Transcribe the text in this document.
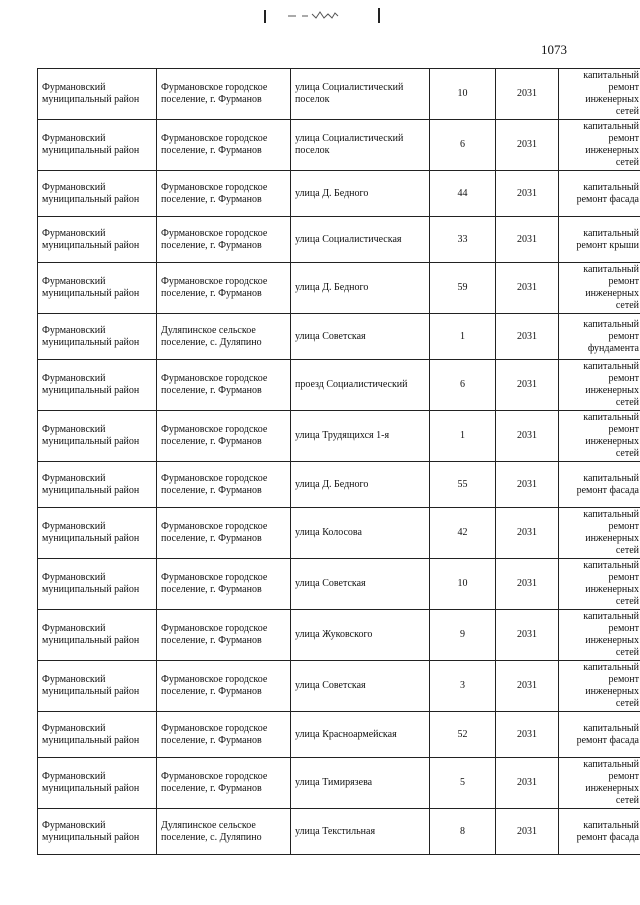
1073
Фурмановский муниципальный район	Фурмановское городское поселение, г. Фурманов	улица Социалистический поселок	10	2031	капитальный ремонт инженерных сетей
Фурмановский муниципальный район	Фурмановское городское поселение, г. Фурманов	улица Социалистический поселок	6	2031	капитальный ремонт инженерных сетей
Фурмановский муниципальный район	Фурмановское городское поселение, г. Фурманов	улица Д. Бедного	44	2031	капитальный ремонт фасада
Фурмановский муниципальный район	Фурмановское городское поселение, г. Фурманов	улица Социалистическая	33	2031	капитальный ремонт крыши
Фурмановский муниципальный район	Фурмановское городское поселение, г. Фурманов	улица Д. Бедного	59	2031	капитальный ремонт инженерных сетей
Фурмановский муниципальный район	Дуляпинское сельское поселение, с. Дуляпино	улица Советская	1	2031	капитальный ремонт фундамента
Фурмановский муниципальный район	Фурмановское городское поселение, г. Фурманов	проезд Социалистический	6	2031	капитальный ремонт инженерных сетей
Фурмановский муниципальный район	Фурмановское городское поселение, г. Фурманов	улица Трудящихся 1-я	1	2031	капитальный ремонт инженерных сетей
Фурмановский муниципальный район	Фурмановское городское поселение, г. Фурманов	улица Д. Бедного	55	2031	капитальный ремонт фасада
Фурмановский муниципальный район	Фурмановское городское поселение, г. Фурманов	улица Колосова	42	2031	капитальный ремонт инженерных сетей
Фурмановский муниципальный район	Фурмановское городское поселение, г. Фурманов	улица Советская	10	2031	капитальный ремонт инженерных сетей
Фурмановский муниципальный район	Фурмановское городское поселение, г. Фурманов	улица Жуковского	9	2031	капитальный ремонт инженерных сетей
Фурмановский муниципальный район	Фурмановское городское поселение, г. Фурманов	улица Советская	3	2031	капитальный ремонт инженерных сетей
Фурмановский муниципальный район	Фурмановское городское поселение, г. Фурманов	улица Красноармейская	52	2031	капитальный ремонт фасада
Фурмановский муниципальный район	Фурмановское городское поселение, г. Фурманов	улица Тимирязева	5	2031	капитальный ремонт инженерных сетей
Фурмановский муниципальный район	Дуляпинское сельское поселение, с. Дуляпино	улица Текстильная	8	2031	капитальный ремонт фасада
